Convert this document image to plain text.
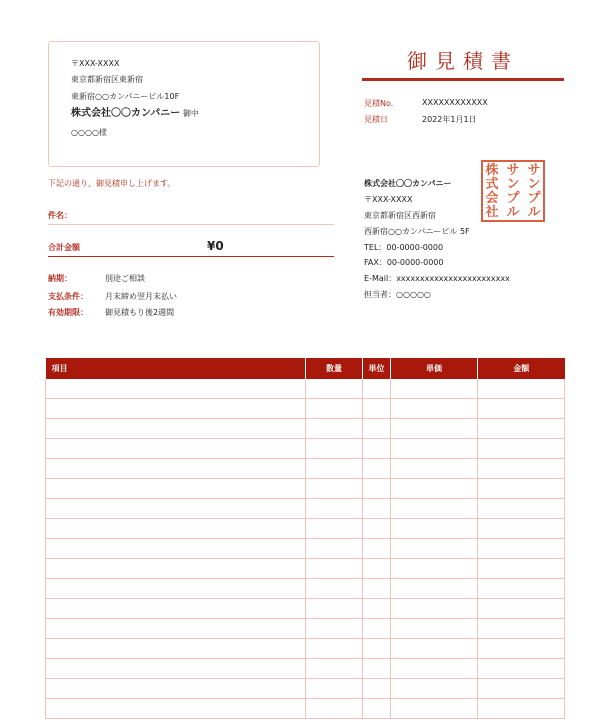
〒XXX-XXXX
東京都新宿区東新宿
東新宿○○カンパニービル10F
株式会社〇〇カンパニー 御中
○○○○様
御見積書
見積No.	XXXXXXXXXXXX
見積日	2022年1月1日
下記の通り、御見積申し上げます。
件名：
合計金額	¥0
納期：	別途ご相談
支払条件： 月末締め翌月末払い
有効期限： 御見積もり後2週間
株式会社〇〇カンパニー
〒XXX-XXXX
東京都新宿区西新宿
西新宿○○カンパニービル 5F
TEL：00-0000-0000
FAX：00-0000-0000
E-Mail：xxxxxxxxxxxxxxxxxxxxxxxx
担当者：○○○○○
株
式
会
社
サ
ン
プ
ル
サ
ン
プ
ル
項目	数量	単位	単価	金額
